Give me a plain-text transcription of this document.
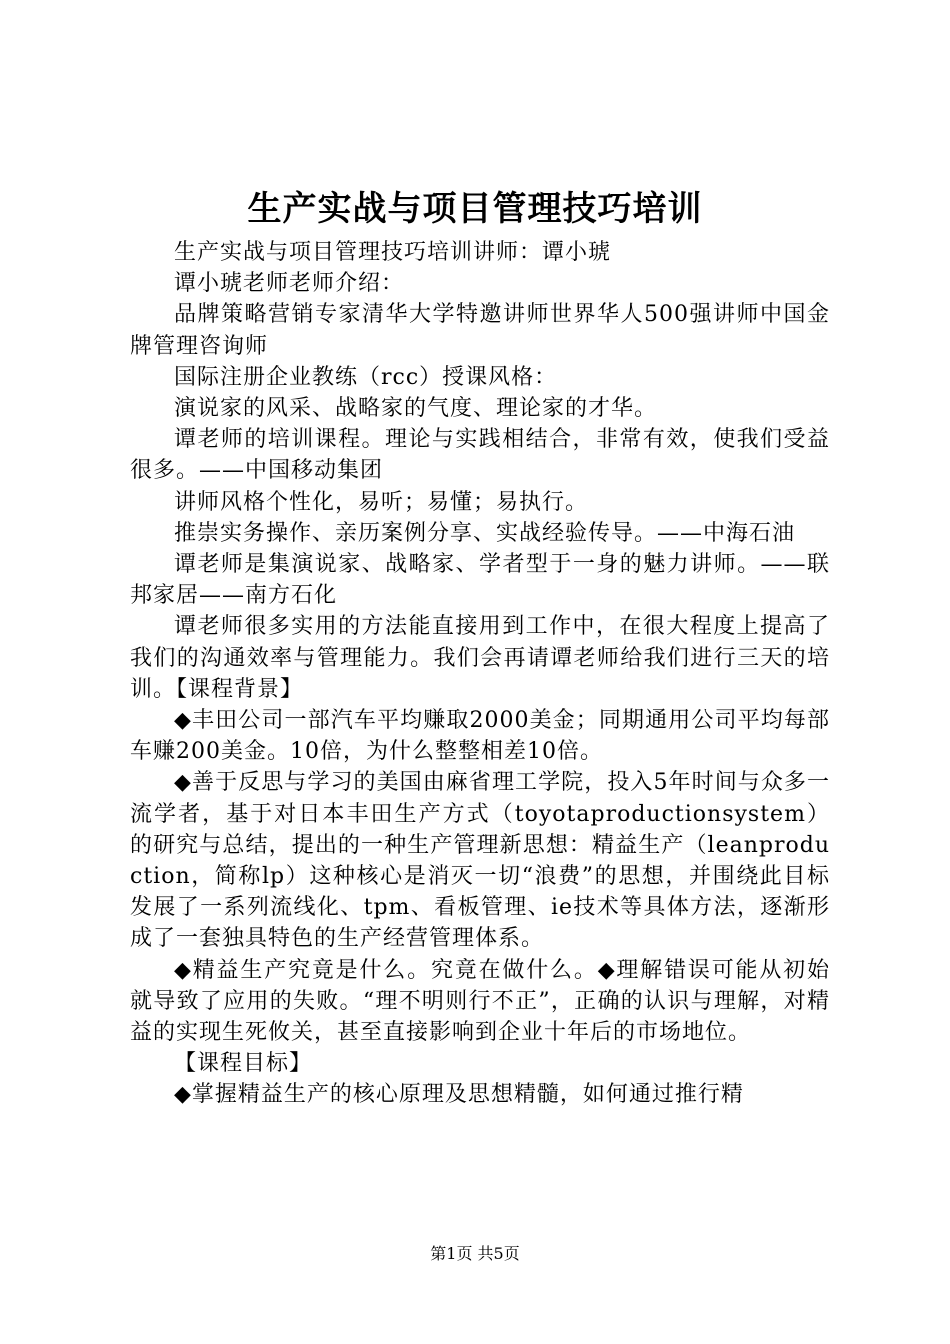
生产实战与项目管理技巧培训

生产实战与项目管理技巧培训讲师：谭小琥

谭小琥老师老师介绍：

品牌策略营销专家清华大学特邀讲师世界华人500强讲师中国金牌管理咨询师

国际注册企业教练（rcc）授课风格：

演说家的风采、战略家的气度、理论家的才华。

谭老师的培训课程。理论与实践相结合，非常有效，使我们受益很多。——中国移动集团

讲师风格个性化，易听；易懂；易执行。

推崇实务操作、亲历案例分享、实战经验传导。——中海石油

谭老师是集演说家、战略家、学者型于一身的魅力讲师。——联邦家居——南方石化

谭老师很多实用的方法能直接用到工作中，在很大程度上提高了我们的沟通效率与管理能力。我们会再请谭老师给我们进行三天的培训。【课程背景】

◆丰田公司一部汽车平均赚取2000美金；同期通用公司平均每部车赚200美金。10倍，为什么整整相差10倍。

◆善于反思与学习的美国由麻省理工学院，投入5年时间与众多一流学者，基于对日本丰田生产方式（toyotaproductionsystem）的研究与总结，提出的一种生产管理新思想：精益生产（leanproduction，简称lp）这种核心是消灭一切“浪费”的思想，并围绕此目标发展了一系列流线化、tpm、看板管理、ie技术等具体方法，逐渐形成了一套独具特色的生产经营管理体系。

◆精益生产究竟是什么。究竟在做什么。◆理解错误可能从初始就导致了应用的失败。“理不明则行不正”，正确的认识与理解，对精益的实现生死攸关，甚至直接影响到企业十年后的市场地位。

【课程目标】

◆掌握精益生产的核心原理及思想精髓，如何通过推行精

第1页 共5页
